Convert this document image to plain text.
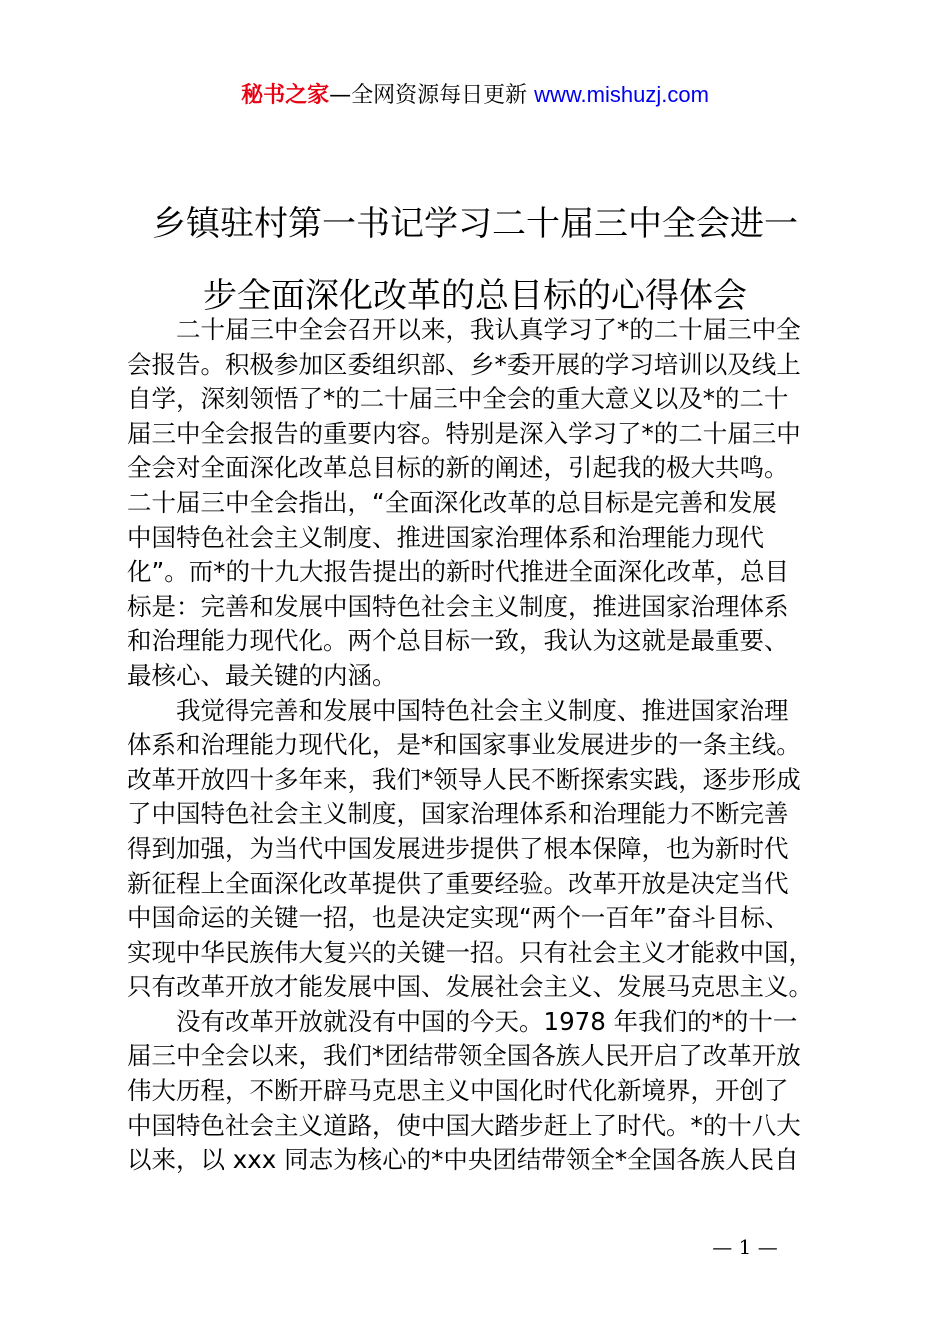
秘书之家—全网资源每日更新 www.mishuzj.com
乡镇驻村第一书记学习二十届三中全会进一
步全面深化改革的总目标的心得体会

　　二十届三中全会召开以来，我认真学习了*的二十届三中全
会报告。积极参加区委组织部、乡*委开展的学习培训以及线上
自学，深刻领悟了*的二十届三中全会的重大意义以及*的二十
届三中全会报告的重要内容。特别是深入学习了*的二十届三中
全会对全面深化改革总目标的新的阐述，引起我的极大共鸣。
二十届三中全会指出，“全面深化改革的总目标是完善和发展
中国特色社会主义制度、推进国家治理体系和治理能力现代
化”。而*的十九大报告提出的新时代推进全面深化改革，总目
标是：完善和发展中国特色社会主义制度，推进国家治理体系
和治理能力现代化。两个总目标一致，我认为这就是最重要、
最核心、最关键的内涵。

　　我觉得完善和发展中国特色社会主义制度、推进国家治理
体系和治理能力现代化，是*和国家事业发展进步的一条主线。
改革开放四十多年来，我们*领导人民不断探索实践，逐步形成
了中国特色社会主义制度，国家治理体系和治理能力不断完善
得到加强，为当代中国发展进步提供了根本保障，也为新时代
新征程上全面深化改革提供了重要经验。改革开放是决定当代
中国命运的关键一招，也是决定实现“两个一百年”奋斗目标、
实现中华民族伟大复兴的关键一招。只有社会主义才能救中国，
只有改革开放才能发展中国、发展社会主义、发展马克思主义。

　　没有改革开放就没有中国的今天。1978 年我们的*的十一
届三中全会以来，我们*团结带领全国各族人民开启了改革开放
伟大历程，不断开辟马克思主义中国化时代化新境界，开创了
中国特色社会主义道路，使中国大踏步赶上了时代。*的十八大
以来，以 xxx 同志为核心的*中央团结带领全*全国各族人民自

— 1 —
